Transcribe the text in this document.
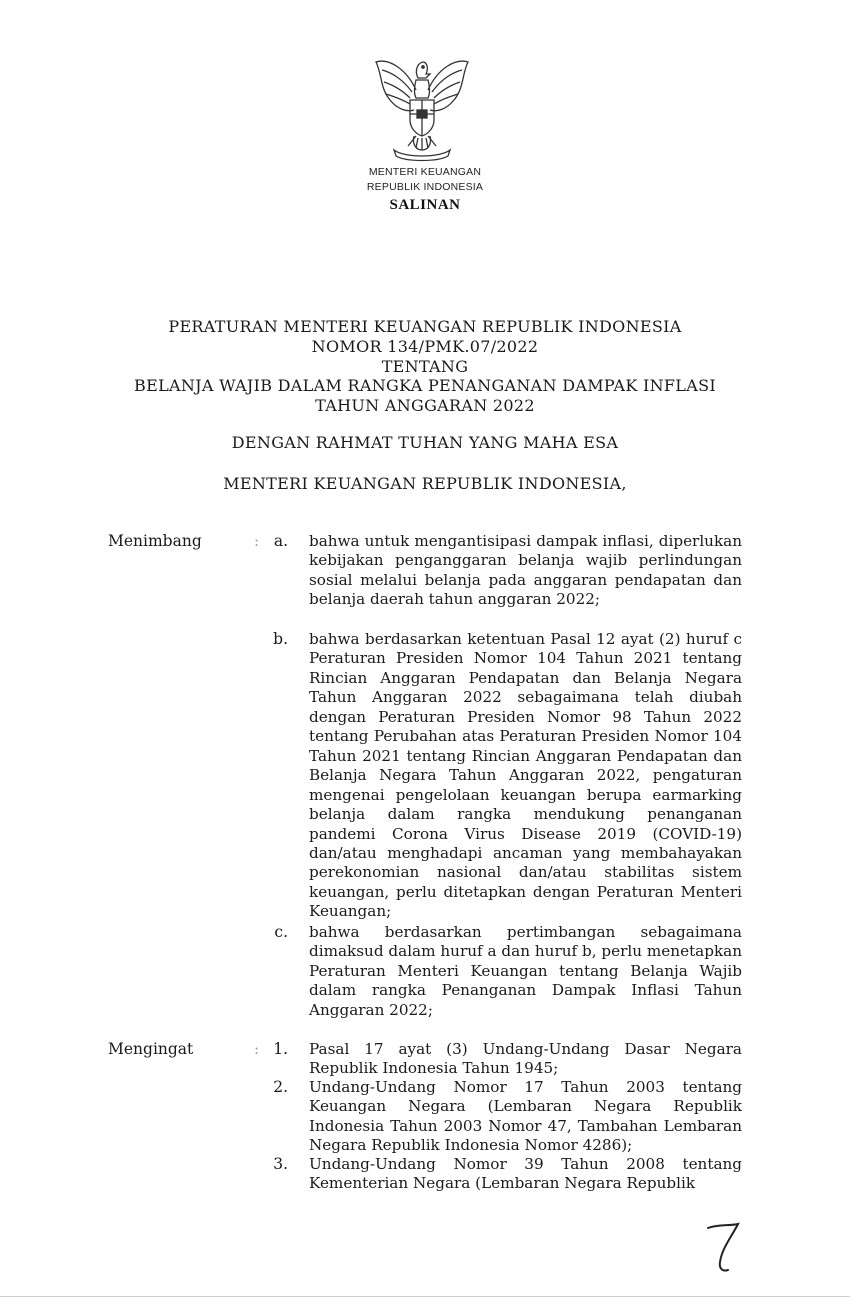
MENTERI KEUANGAN
REPUBLIK INDONESIA
SALINAN
PERATURAN MENTERI KEUANGAN REPUBLIK INDONESIA
NOMOR 134/PMK.07/2022
TENTANG
BELANJA WAJIB DALAM RANGKA PENANGANAN DAMPAK INFLASI
TAHUN ANGGARAN 2022
DENGAN RAHMAT TUHAN YANG MAHA ESA
MENTERI KEUANGAN REPUBLIK INDONESIA,
Menimbang	: a. bahwa untuk mengantisipasi dampak inflasi, diperlukan kebijakan penganggaran belanja wajib perlindungan sosial melalui belanja pada anggaran pendapatan dan belanja daerah tahun anggaran 2022;
b. bahwa berdasarkan ketentuan Pasal 12 ayat (2) huruf c Peraturan Presiden Nomor 104 Tahun 2021 tentang Rincian Anggaran Pendapatan dan Belanja Negara Tahun Anggaran 2022 sebagaimana telah diubah dengan Peraturan Presiden Nomor 98 Tahun 2022 tentang Perubahan atas Peraturan Presiden Nomor 104 Tahun 2021 tentang Rincian Anggaran Pendapatan dan Belanja Negara Tahun Anggaran 2022, pengaturan mengenai pengelolaan keuangan berupa earmarking belanja dalam rangka mendukung penanganan pandemi Corona Virus Disease 2019 (COVID-19) dan/atau menghadapi ancaman yang membahayakan perekonomian nasional dan/atau stabilitas sistem keuangan, perlu ditetapkan dengan Peraturan Menteri Keuangan;
c. bahwa berdasarkan pertimbangan sebagaimana dimaksud dalam huruf a dan huruf b, perlu menetapkan Peraturan Menteri Keuangan tentang Belanja Wajib dalam rangka Penanganan Dampak Inflasi Tahun Anggaran 2022;
Mengingat	: 1. Pasal 17 ayat (3) Undang-Undang Dasar Negara Republik Indonesia Tahun 1945;
2. Undang-Undang Nomor 17 Tahun 2003 tentang Keuangan Negara (Lembaran Negara Republik Indonesia Tahun 2003 Nomor 47, Tambahan Lembaran Negara Republik Indonesia Nomor 4286);
3. Undang-Undang Nomor 39 Tahun 2008 tentang Kementerian Negara (Lembaran Negara Republik
